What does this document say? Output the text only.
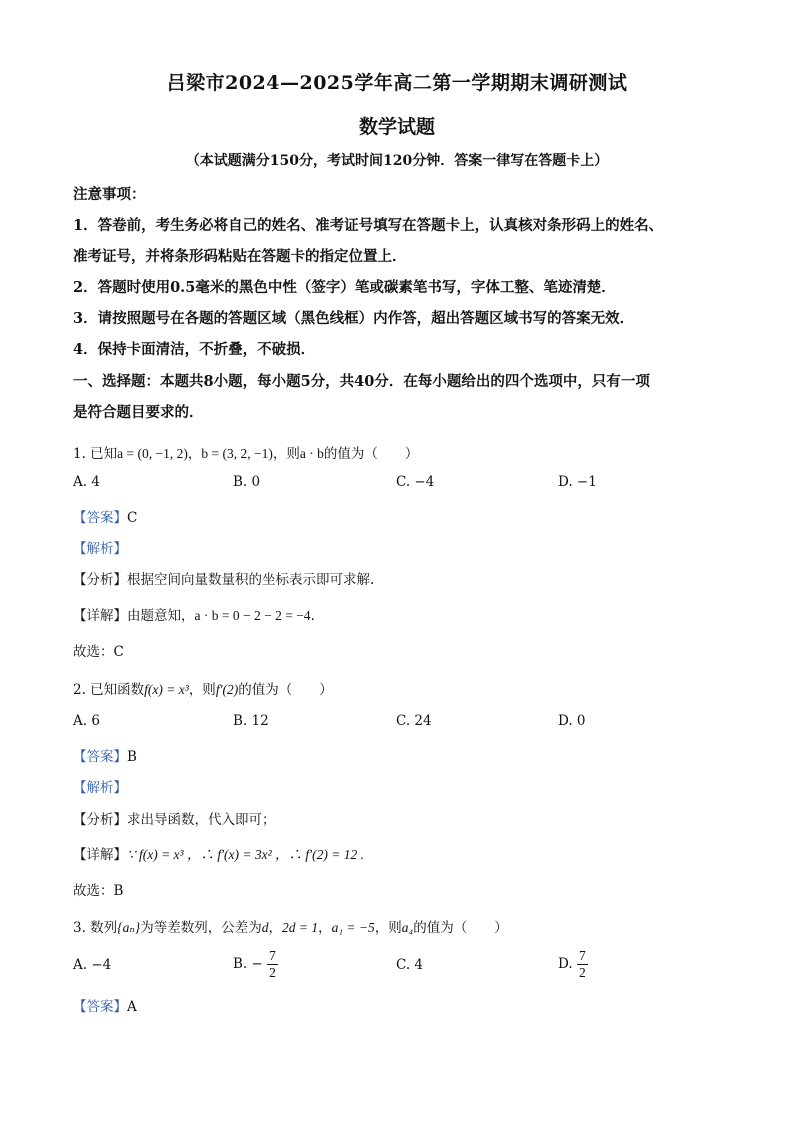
吕梁市2024—2025学年高二第一学期期末调研测试
数学试题
（本试题满分150分，考试时间120分钟．答案一律写在答题卡上）
注意事项：
1．答卷前，考生务必将自己的姓名、准考证号填写在答题卡上，认真核对条形码上的姓名、
准考证号，并将条形码粘贴在答题卡的指定位置上．
2．答题时使用0.5毫米的黑色中性（签字）笔或碳素笔书写，字体工整、笔迹清楚．
3．请按照题号在各题的答题区域（黑色线框）内作答，超出答题区域书写的答案无效．
4．保持卡面清洁，不折叠，不破损．
一、选择题：本题共8小题，每小题5分，共40分．在每小题给出的四个选项中，只有一项
是符合题目要求的．
1. 已知a = (0, −1, 2)，b = (3, 2, −1)，则a · b的值为（　　）
A. 4	B. 0	C. −4	D. −1
【答案】C
【解析】
【分析】根据空间向量数量积的坐标表示即可求解.
【详解】由题意知，a · b = 0 − 2 − 2 = −4.
故选：C
2. 已知函数f(x) = x³，则f′(2)的值为（　　）
A. 6	B. 12	C. 24	D. 0
【答案】B
【解析】
【分析】求出导函数，代入即可；
【详解】∵ f(x) = x³ ，∴ f′(x) = 3x² ，∴ f′(2) = 12 .
故选：B
3. 数列{aₙ}为等差数列，公差为d，2d = 1，a₁ = −5，则a₄的值为（　　）
A. −4	B. − $\frac{7}{2}$	C. 4	D. $\frac{7}{2}$
【答案】A
